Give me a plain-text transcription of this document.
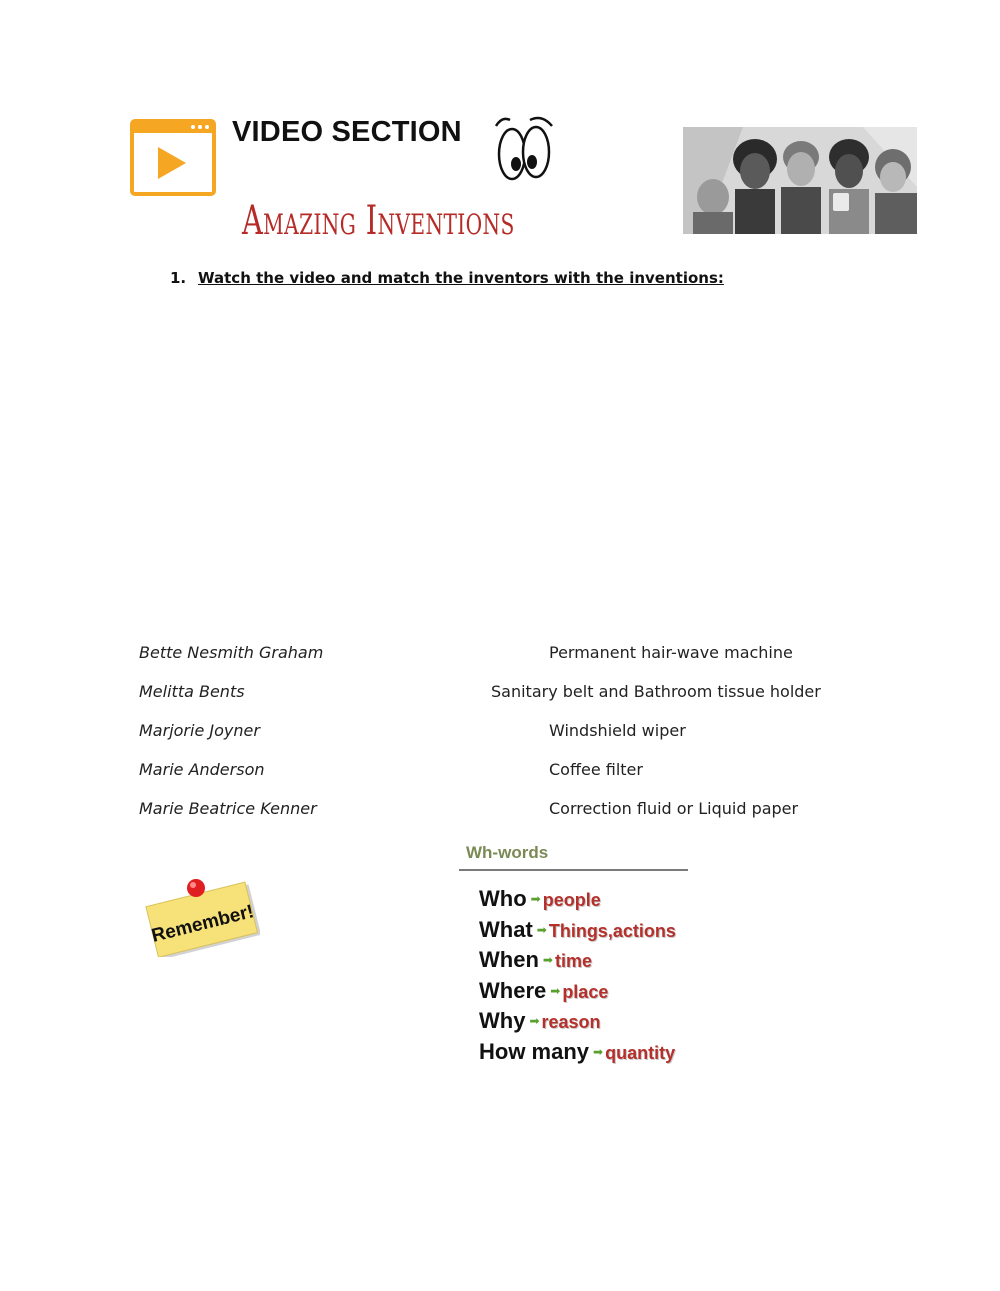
VIDEO SECTION
Amazing Inventions
1. Watch the video and match the inventors with the inventions:
Bette Nesmith Graham
Melitta Bents
Marjorie Joyner
Marie Anderson
Marie Beatrice Kenner
Permanent hair-wave machine
Sanitary belt and Bathroom tissue holder
Windshield wiper
Coffee filter
Correction fluid or Liquid paper
Remember!
Wh-words
Who ➡ people
What ➡ Things,actions
When ➡ time
Where ➡ place
Why ➡ reason
How many ➡ quantity
